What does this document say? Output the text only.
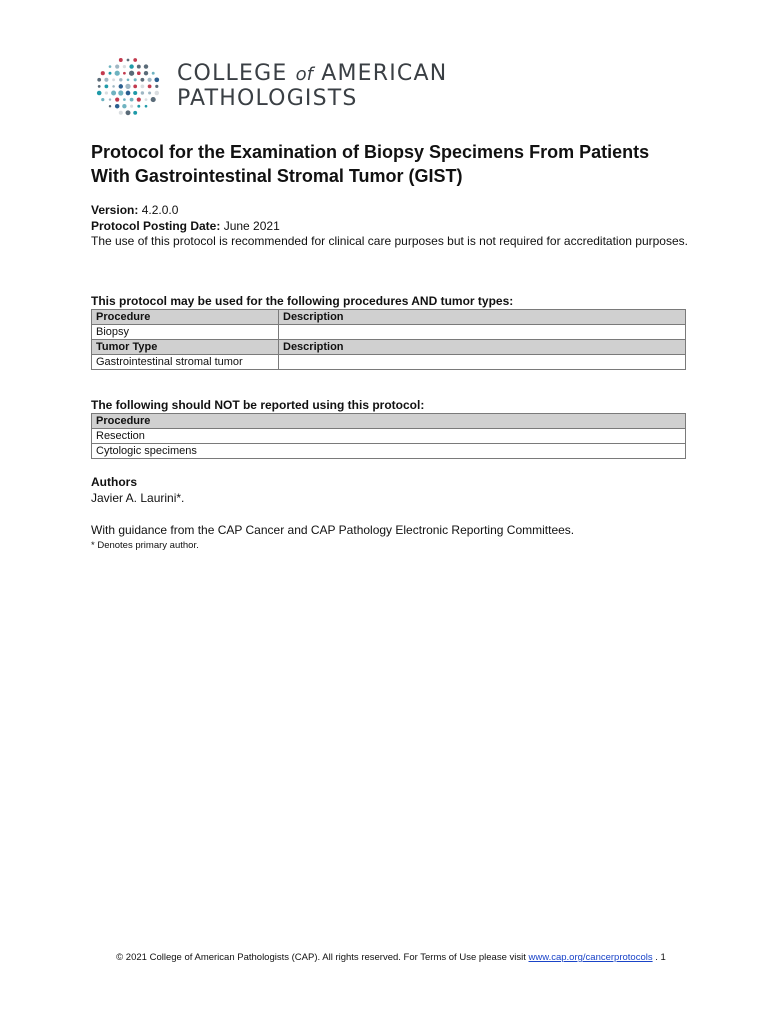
COLLEGE of AMERICAN
PATHOLOGISTS
Protocol for the Examination of Biopsy Specimens From Patients
With Gastrointestinal Stromal Tumor (GIST)
Version: 4.2.0.0
Protocol Posting Date: June 2021
The use of this protocol is recommended for clinical care purposes but is not required for accreditation purposes.
This protocol may be used for the following procedures AND tumor types:
Procedure	Description
Biopsy	
Tumor Type	Description
Gastrointestinal stromal tumor	
The following should NOT be reported using this protocol:
Procedure
Resection
Cytologic specimens
Authors
Javier A. Laurini*.
With guidance from the CAP Cancer and CAP Pathology Electronic Reporting Committees.
* Denotes primary author.
© 2021 College of American Pathologists (CAP). All rights reserved. For Terms of Use please visit www.cap.org/cancerprotocols . 1
